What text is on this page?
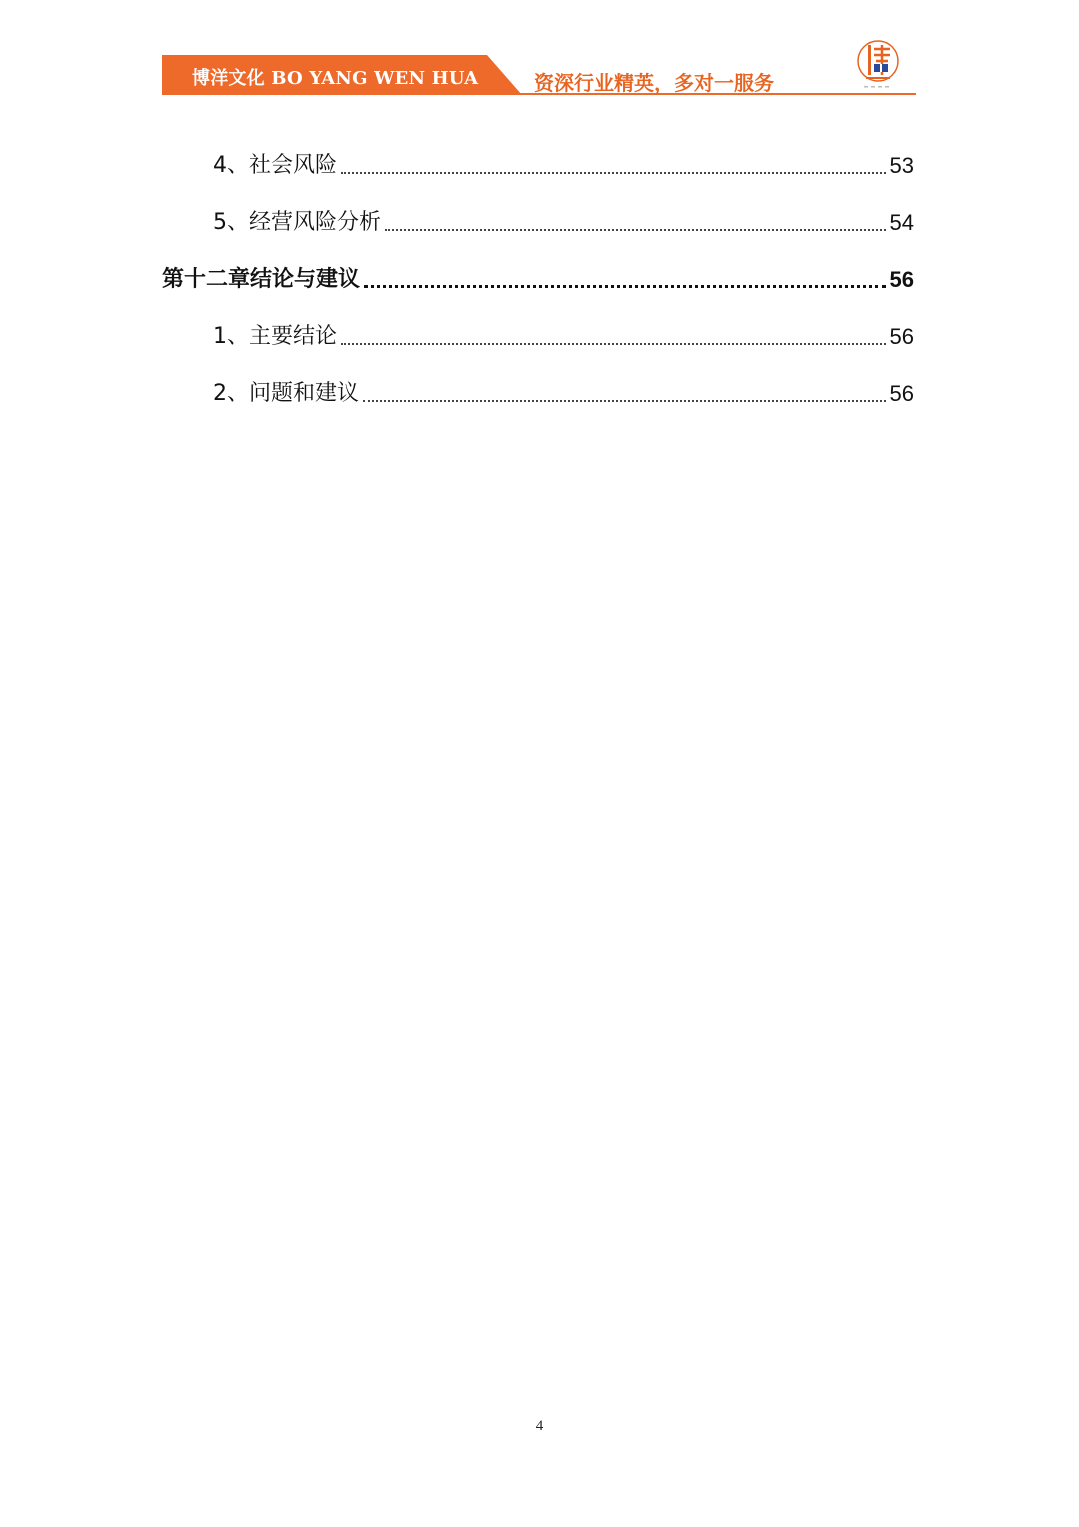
博洋文化 BO YANG WEN HUA	资深行业精英，多对一服务
4、社会风险	53
5、经营风险分析	54
第十二章结论与建议	56
1、主要结论	56
2、问题和建议	56
4
